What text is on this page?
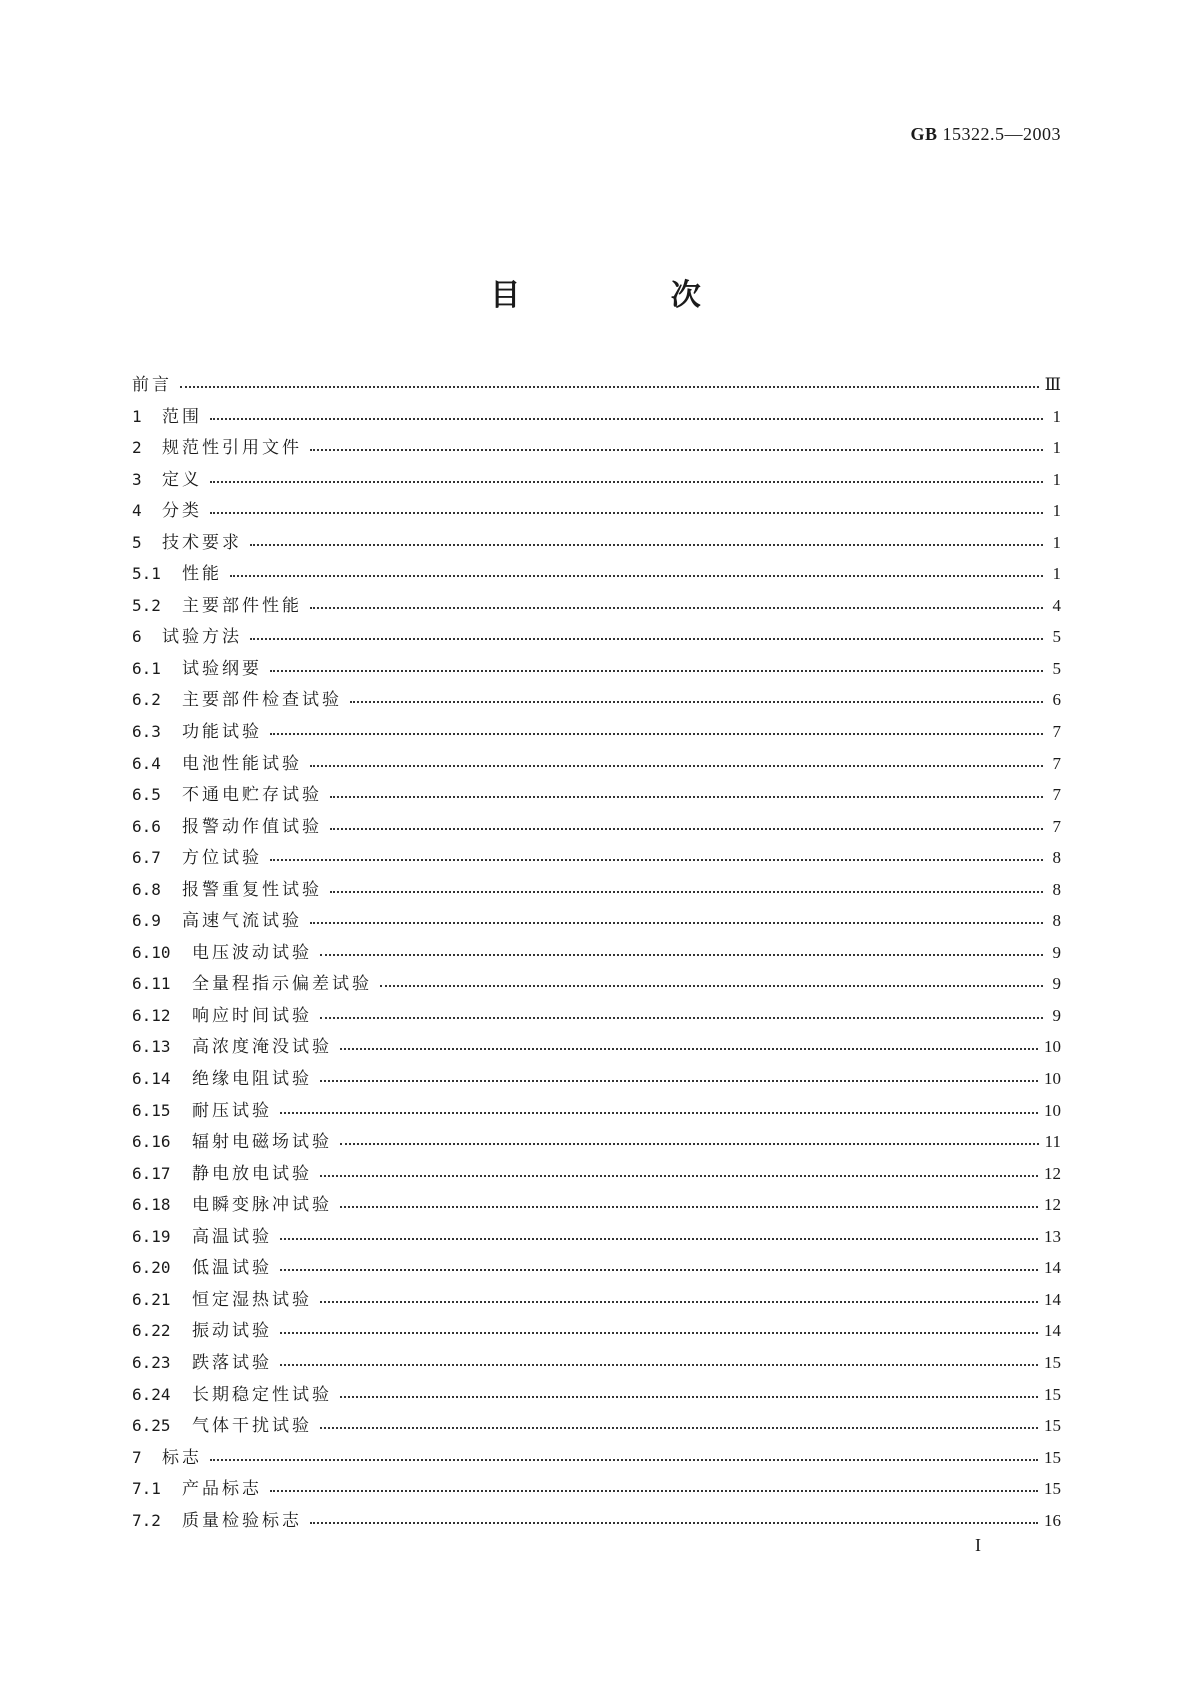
GB 15322.5—2003
目 次
前言	Ⅲ
1	范围	1
2	规范性引用文件	1
3	定义	1
4	分类	1
5	技术要求	1
5.1	性能	1
5.2	主要部件性能	4
6	试验方法	5
6.1	试验纲要	5
6.2	主要部件检查试验	6
6.3	功能试验	7
6.4	电池性能试验	7
6.5	不通电贮存试验	7
6.6	报警动作值试验	7
6.7	方位试验	8
6.8	报警重复性试验	8
6.9	高速气流试验	8
6.10	电压波动试验	9
6.11	全量程指示偏差试验	9
6.12	响应时间试验	9
6.13	高浓度淹没试验	10
6.14	绝缘电阻试验	10
6.15	耐压试验	10
6.16	辐射电磁场试验	11
6.17	静电放电试验	12
6.18	电瞬变脉冲试验	12
6.19	高温试验	13
6.20	低温试验	14
6.21	恒定湿热试验	14
6.22	振动试验	14
6.23	跌落试验	15
6.24	长期稳定性试验	15
6.25	气体干扰试验	15
7	标志	15
7.1	产品标志	15
7.2	质量检验标志	16
I
